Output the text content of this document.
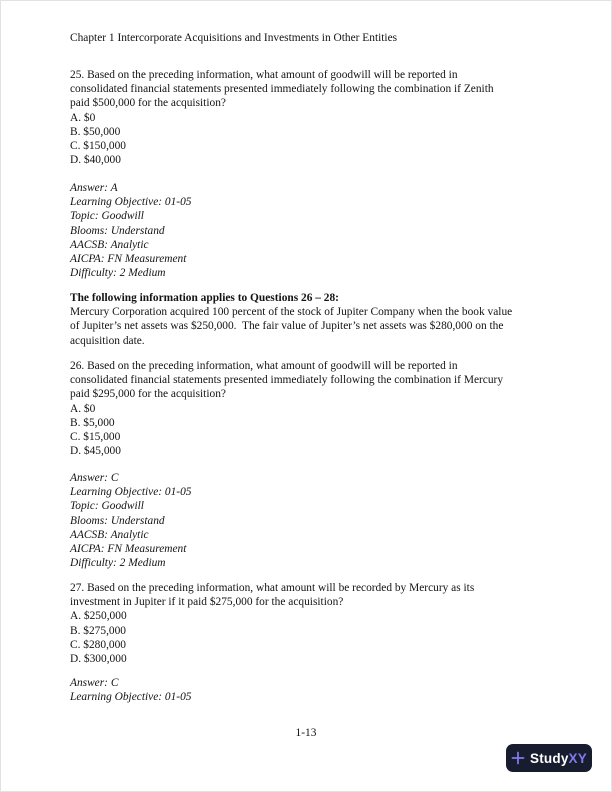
Chapter 1 Intercorporate Acquisitions and Investments in Other Entities
25. Based on the preceding information, what amount of goodwill will be reported in
consolidated financial statements presented immediately following the combination if Zenith
paid $500,000 for the acquisition?
A. $0
B. $50,000
C. $150,000
D. $40,000
Answer: A
Learning Objective: 01-05
Topic: Goodwill
Blooms: Understand
AACSB: Analytic
AICPA: FN Measurement
Difficulty: 2 Medium
The following information applies to Questions 26 – 28:
Mercury Corporation acquired 100 percent of the stock of Jupiter Company when the book value
of Jupiter’s net assets was $250,000.  The fair value of Jupiter’s net assets was $280,000 on the
acquisition date.
26. Based on the preceding information, what amount of goodwill will be reported in
consolidated financial statements presented immediately following the combination if Mercury
paid $295,000 for the acquisition?
A. $0
B. $5,000
C. $15,000
D. $45,000
Answer: C
Learning Objective: 01-05
Topic: Goodwill
Blooms: Understand
AACSB: Analytic
AICPA: FN Measurement
Difficulty: 2 Medium
27. Based on the preceding information, what amount will be recorded by Mercury as its
investment in Jupiter if it paid $275,000 for the acquisition?
A. $250,000
B. $275,000
C. $280,000
D. $300,000
Answer: C
Learning Objective: 01-05
1-13
StudyXY
